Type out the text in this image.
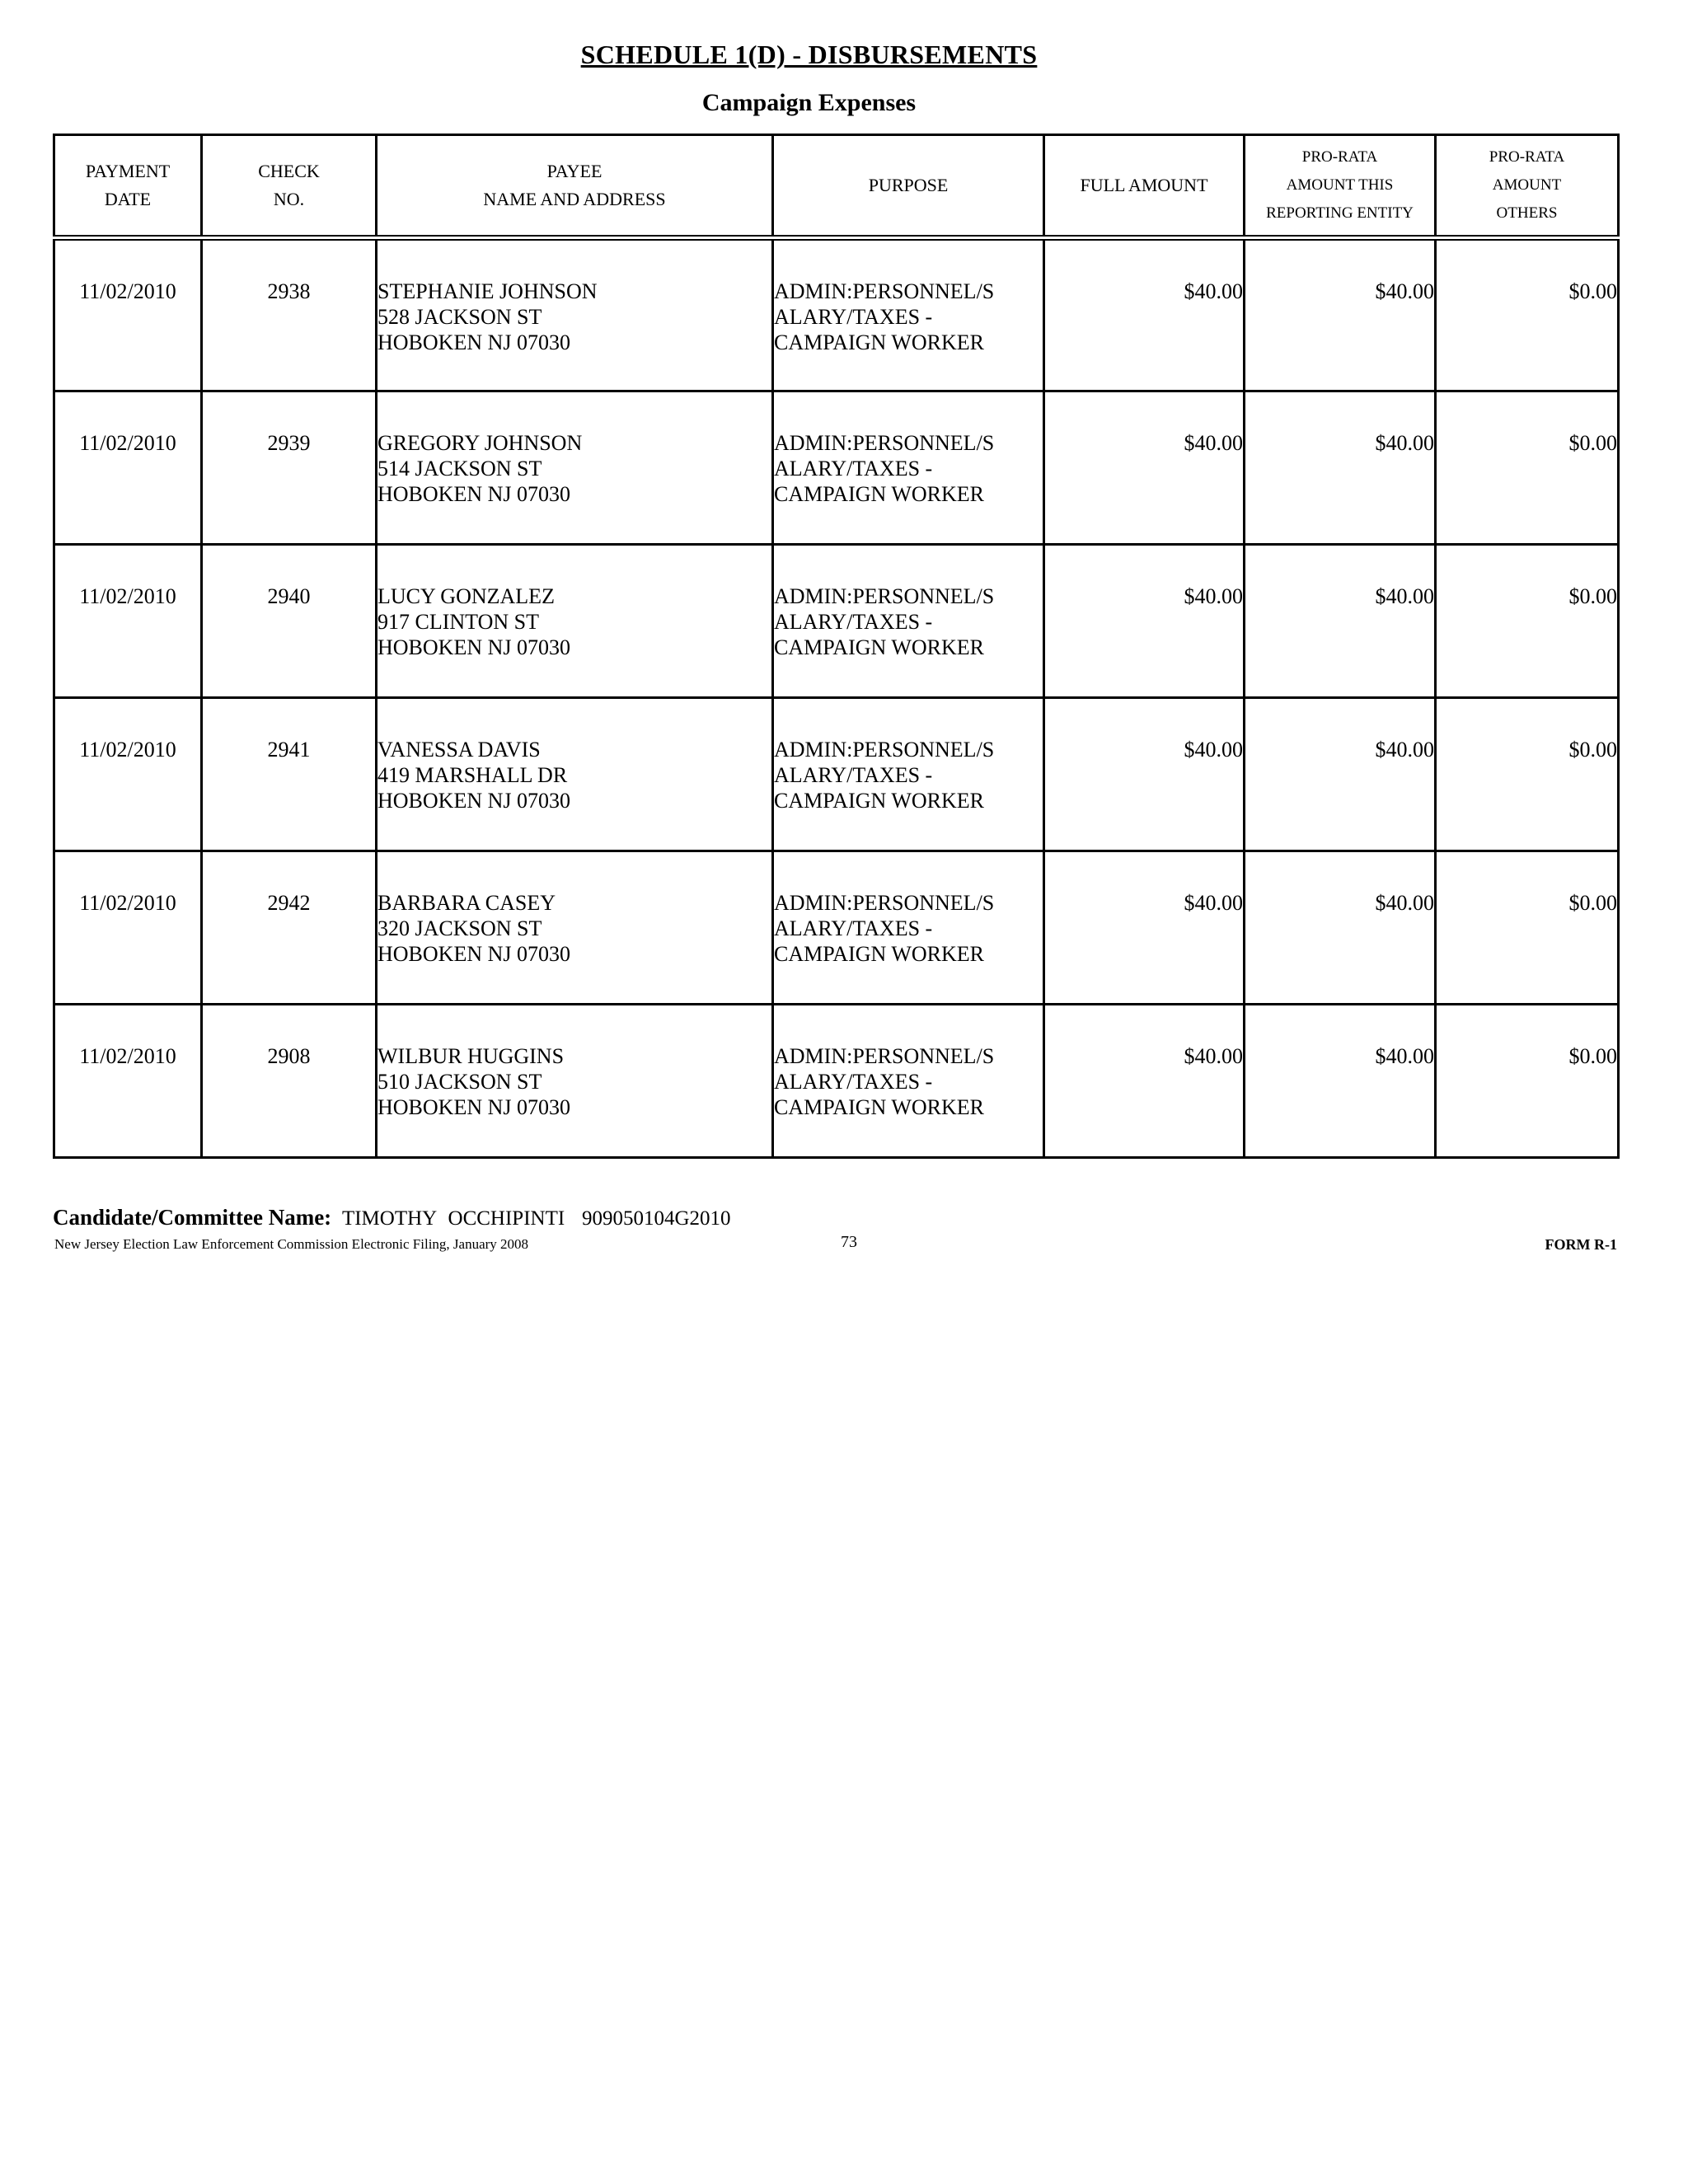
SCHEDULE 1(D) - DISBURSEMENTS
Campaign Expenses
PAYMENT
DATE	CHECK
NO.	PAYEE
NAME AND ADDRESS	PURPOSE	FULL AMOUNT	PRO-RATA
AMOUNT THIS
REPORTING ENTITY	PRO-RATA
AMOUNT
OTHERS

11/02/2010	2938	STEPHANIE JOHNSON
528 JACKSON ST
HOBOKEN NJ 07030	ADMIN:PERSONNEL/S
ALARY/TAXES -
CAMPAIGN WORKER	$40.00	$40.00	$0.00
11/02/2010	2939	GREGORY JOHNSON
514 JACKSON ST
HOBOKEN NJ 07030	ADMIN:PERSONNEL/S
ALARY/TAXES -
CAMPAIGN WORKER	$40.00	$40.00	$0.00
11/02/2010	2940	LUCY GONZALEZ
917 CLINTON ST
HOBOKEN NJ 07030	ADMIN:PERSONNEL/S
ALARY/TAXES -
CAMPAIGN WORKER	$40.00	$40.00	$0.00
11/02/2010	2941	VANESSA DAVIS
419 MARSHALL DR
HOBOKEN NJ 07030	ADMIN:PERSONNEL/S
ALARY/TAXES -
CAMPAIGN WORKER	$40.00	$40.00	$0.00
11/02/2010	2942	BARBARA CASEY
320 JACKSON ST
HOBOKEN NJ 07030	ADMIN:PERSONNEL/S
ALARY/TAXES -
CAMPAIGN WORKER	$40.00	$40.00	$0.00
11/02/2010	2908	WILBUR HUGGINS
510 JACKSON ST
HOBOKEN NJ 07030	ADMIN:PERSONNEL/S
ALARY/TAXES -
CAMPAIGN WORKER	$40.00	$40.00	$0.00
Candidate/Committee Name: TIMOTHY OCCHIPINTI 909050104G2010
New Jersey Election Law Enforcement Commission Electronic Filing, January 2008	73	FORM R-1
